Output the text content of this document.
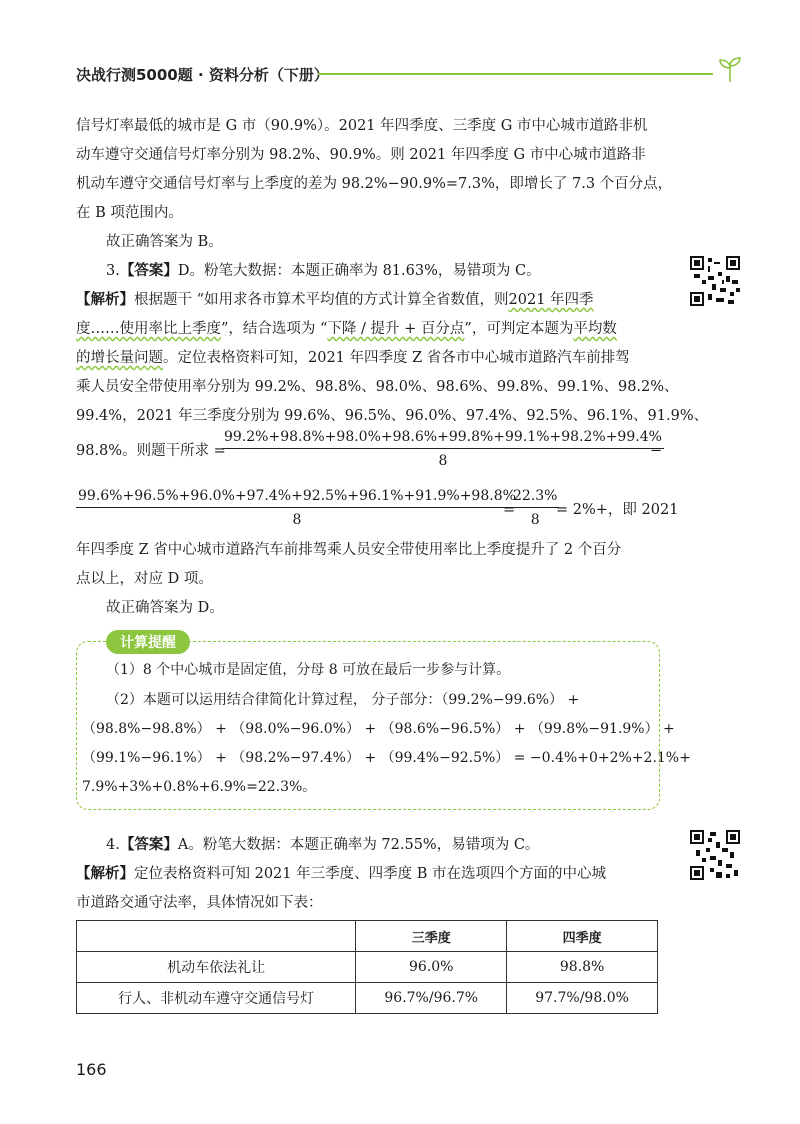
决战行测5000题 · 资料分析（下册）
信号灯率最低的城市是 G 市（90.9%）。2021 年四季度、三季度 G 市中心城市道路非机
动车遵守交通信号灯率分别为 98.2%、90.9%。则 2021 年四季度 G 市中心城市道路非
机动车遵守交通信号灯率与上季度的差为 98.2%−90.9%=7.3%，即增长了 7.3 个百分点，
在 B 项范围内。
故正确答案为 B。
3.【答案】D。粉笔大数据：本题正确率为 81.63%，易错项为 C。
【解析】根据题干 “如用求各市算术平均值的方式计算全省数值，则2021 年四季
度……使用率比上季度”，结合选项为 “下降 / 提升 + 百分点”，可判定本题为平均数
的增长量问题。定位表格资料可知，2021 年四季度 Z 省各市中心城市道路汽车前排驾
乘人员安全带使用率分别为 99.2%、98.8%、98.0%、98.6%、99.8%、99.1%、98.2%、
99.4%，2021 年三季度分别为 99.6%、96.5%、96.0%、97.4%、92.5%、96.1%、91.9%、
98.8%。则题干所求 =
$\frac{99.2\%+98.8\%+98.0\%+98.6\%+99.8\%+99.1\%+98.2\%+99.4\%}{8}$
−
$\frac{99.6\%+96.5\%+96.0\%+97.4\%+92.5\%+96.1\%+91.9\%+98.8\%}{8}$
=
$\frac{22.3\%}{8}$
= 2%+，即 2021
年四季度 Z 省中心城市道路汽车前排驾乘人员安全带使用率比上季度提升了 2 个百分
点以上，对应 D 项。
故正确答案为 D。
计算提醒
（1）8 个中心城市是固定值，分母 8 可放在最后一步参与计算。
（2）本题可以运用结合律简化计算过程， 分子部分：（99.2%−99.6%） +
（98.8%−98.8%） + （98.0%−96.0%） + （98.6%−96.5%） + （99.8%−91.9%） +
（99.1%−96.1%） + （98.2%−97.4%） + （99.4%−92.5%） = −0.4%+0+2%+2.1%+
7.9%+3%+0.8%+6.9%=22.3%。
4.【答案】A。粉笔大数据：本题正确率为 72.55%，易错项为 C。
【解析】定位表格资料可知 2021 年三季度、四季度 B 市在选项四个方面的中心城
市道路交通守法率，具体情况如下表：
	三季度	四季度
机动车依法礼让	96.0%	98.8%
行人、非机动车遵守交通信号灯	96.7%/96.7%	97.7%/98.0%
166
